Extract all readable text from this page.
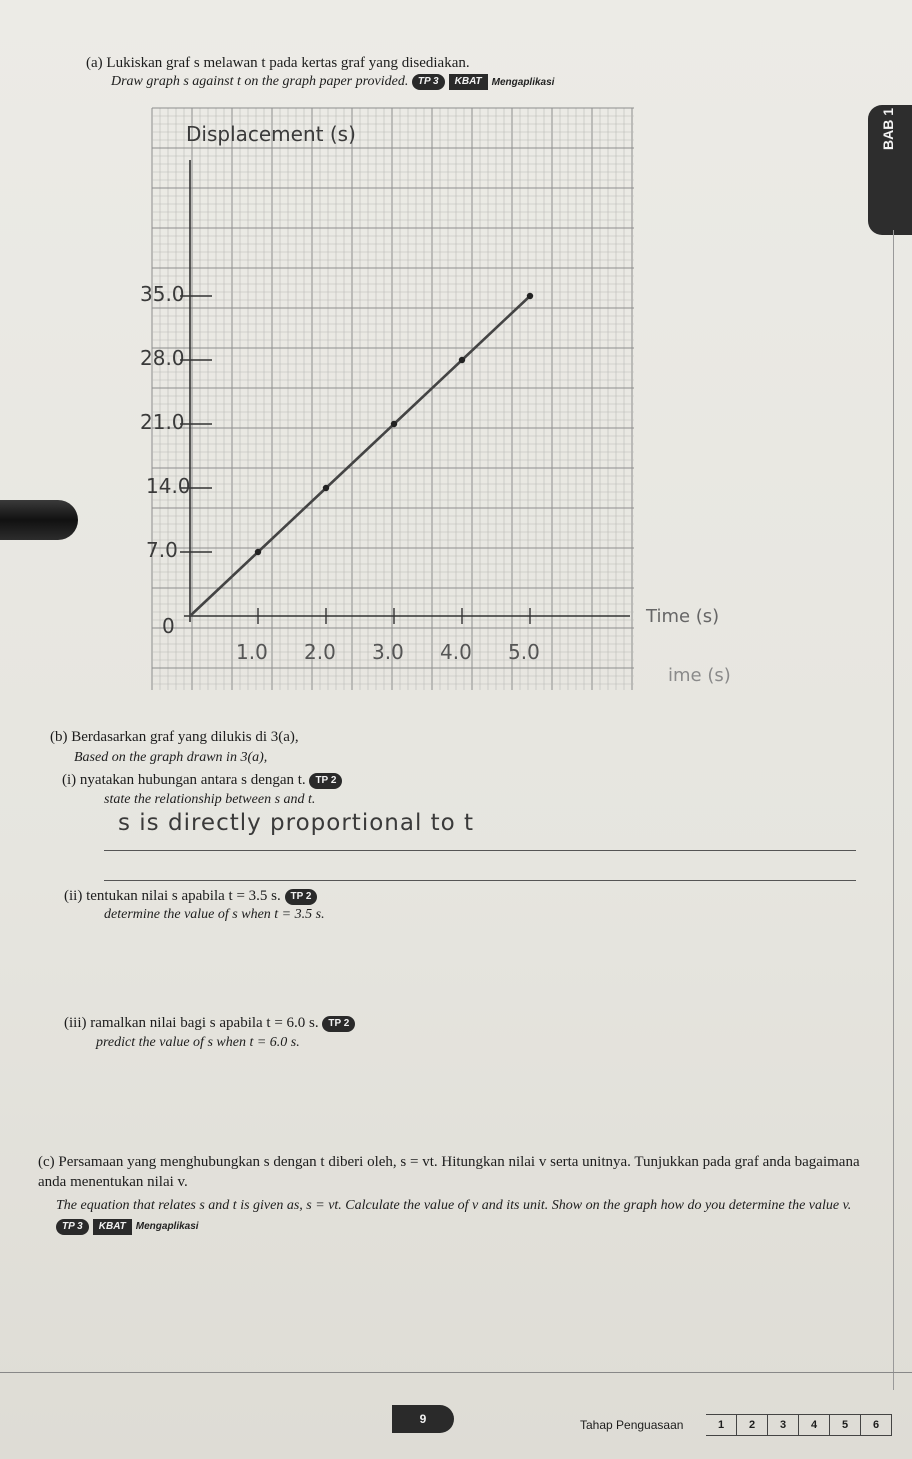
BAB 1
(a) Lukiskan graf s melawan t pada kertas graf yang disediakan.
Draw graph s against t on the graph paper provided. TP 3 KBAT Mengaplikasi
Displacement (s)
Time (s)
ime (s)
0
7.0
14.0
21.0
28.0
35.0
1.0 2.0 3.0 4.0 5.0
(b) Berdasarkan graf yang dilukis di 3(a),
Based on the graph drawn in 3(a),
(i) nyatakan hubungan antara s dengan t. TP 2
state the relationship between s and t.
s is directly proportional to t
(ii) tentukan nilai s apabila t = 3.5 s. TP 2
determine the value of s when t = 3.5 s.
(iii) ramalkan nilai bagi s apabila t = 6.0 s. TP 2
predict the value of s when t = 6.0 s.
(c) Persamaan yang menghubungkan s dengan t diberi oleh, s = vt. Hitungkan nilai v serta unitnya. Tunjukkan pada graf anda bagaimana anda menentukan nilai v.
The equation that relates s and t is given as, s = vt. Calculate the value of v and its unit. Show on the graph how do you determine the value v. TP 3 KBAT Mengaplikasi
9	Tahap Penguasaan	1	2	3	4	5	6
